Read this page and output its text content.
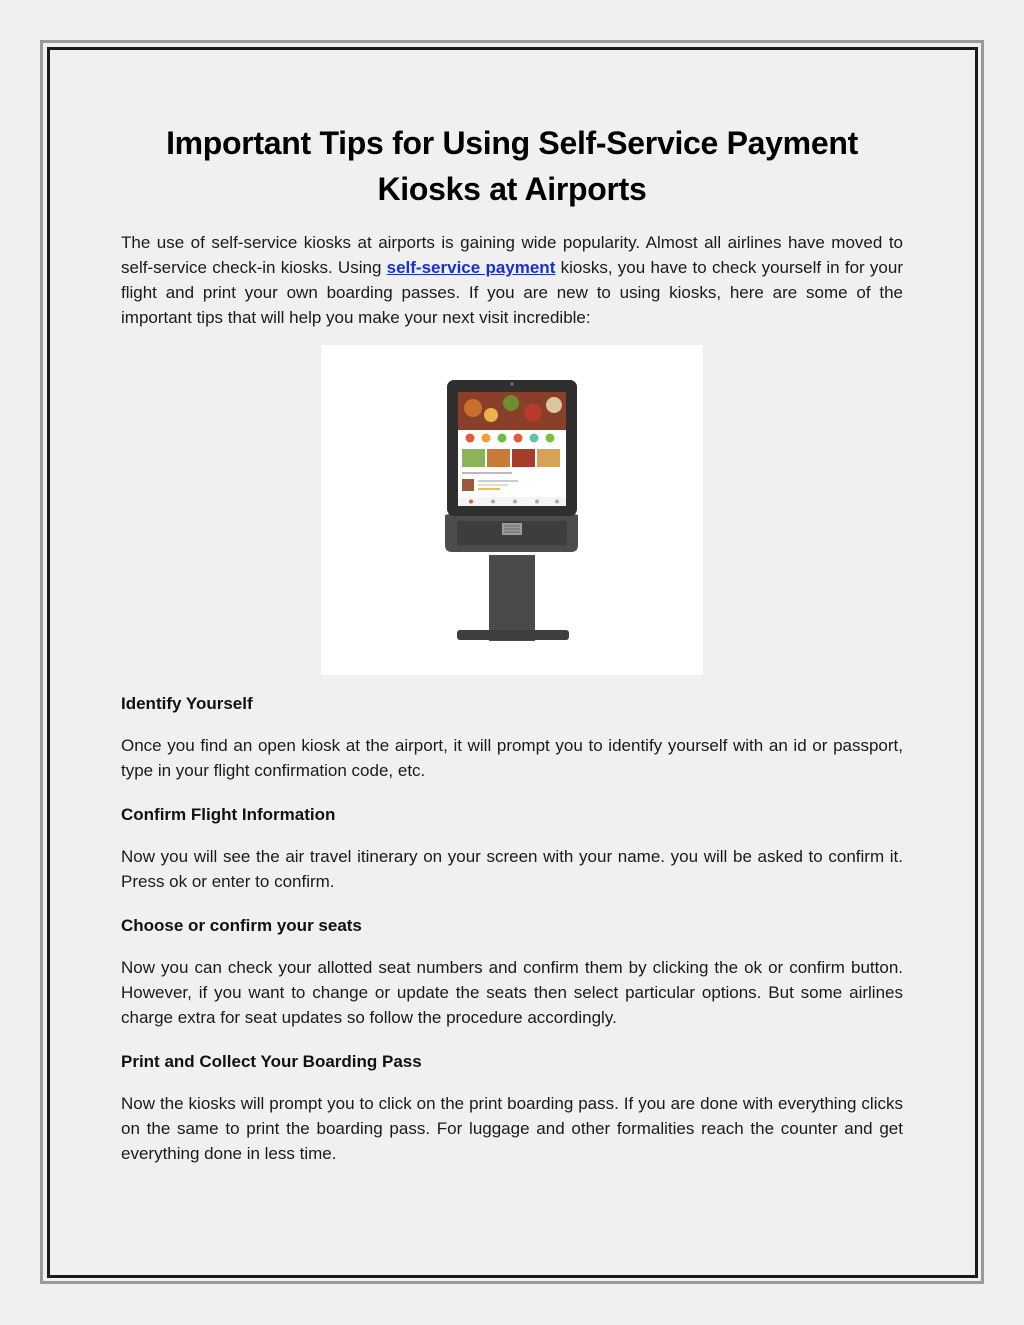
Important Tips for Using Self-Service Payment Kiosks at Airports

The use of self-service kiosks at airports is gaining wide popularity. Almost all airlines have moved to self-service check-in kiosks. Using self-service payment kiosks, you have to check yourself in for your flight and print your own boarding passes. If you are new to using kiosks, here are some of the important tips that will help you make your next visit incredible:

Identify Yourself

Once you find an open kiosk at the airport, it will prompt you to identify yourself with an id or passport, type in your flight confirmation code, etc.

Confirm Flight Information

Now you will see the air travel itinerary on your screen with your name. you will be asked to confirm it. Press ok or enter to confirm.

Choose or confirm your seats

Now you can check your allotted seat numbers and confirm them by clicking the ok or confirm button. However, if you want to change or update the seats then select particular options. But some airlines charge extra for seat updates so follow the procedure accordingly.

Print and Collect Your Boarding Pass

Now the kiosks will prompt you to click on the print boarding pass. If you are done with everything clicks on the same to print the boarding pass. For luggage and other formalities reach the counter and get everything done in less time.
